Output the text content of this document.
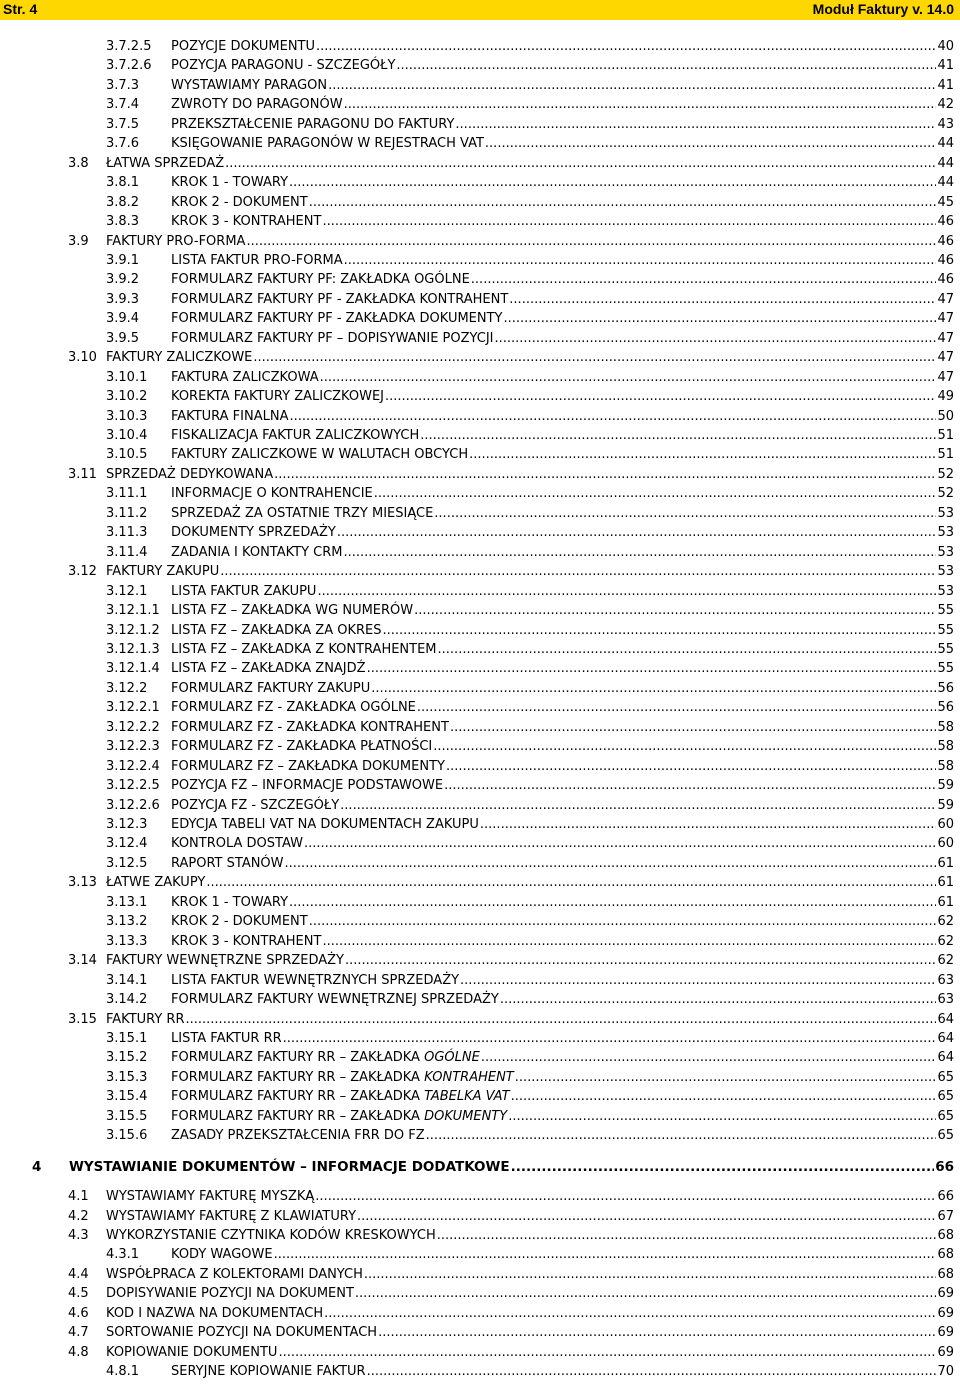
Str. 4	Moduł Faktury v. 14.0
3.7.2.5	POZYCJE DOKUMENTU .....	40
3.7.2.6	POZYCJA PARAGONU - SZCZEGÓŁY .....	41
3.7.3	WYSTAWIAMY PARAGON .....	41
3.7.4	ZWROTY DO PARAGONÓW .....	42
3.7.5	PRZEKSZTAŁCENIE PARAGONU DO FAKTURY .....	43
3.7.6	KSIĘGOWANIE PARAGONÓW W REJESTRACH VAT .....	44
3.8	ŁATWA SPRZEDAŻ .....	44
3.8.1	KROK 1 - TOWARY .....	44
3.8.2	KROK 2 - DOKUMENT .....	45
3.8.3	KROK 3 - KONTRAHENT .....	46
3.9	FAKTURY PRO-FORMA .....	46
3.9.1	LISTA FAKTUR PRO-FORMA .....	46
3.9.2	FORMULARZ FAKTURY PF: ZAKŁADKA OGÓLNE .....	46
3.9.3	FORMULARZ FAKTURY PF - ZAKŁADKA KONTRAHENT .....	47
3.9.4	FORMULARZ FAKTURY PF - ZAKŁADKA DOKUMENTY .....	47
3.9.5	FORMULARZ FAKTURY PF – DOPISYWANIE POZYCJI .....	47
3.10 FAKTURY ZALICZKOWE .....	47
3.10.1	FAKTURA ZALICZKOWA .....	47
3.10.2	KOREKTA FAKTURY ZALICZKOWEJ .....	49
3.10.3	FAKTURA FINALNA .....	50
3.10.4	FISKALIZACJA FAKTUR ZALICZKOWYCH .....	51
3.10.5	FAKTURY ZALICZKOWE W WALUTACH OBCYCH .....	51
3.11 SPRZEDAŻ DEDYKOWANA .....	52
3.11.1	INFORMACJE O KONTRAHENCIE .....	52
3.11.2	SPRZEDAŻ ZA OSTATNIE TRZY MIESIĄCE .....	53
3.11.3	DOKUMENTY SPRZEDAŻY .....	53
3.11.4	ZADANIA I KONTAKTY CRM .....	53
3.12 FAKTURY ZAKUPU .....	53
3.12.1	LISTA FAKTUR ZAKUPU .....	53
3.12.1.1 LISTA FZ – ZAKŁADKA WG NUMERÓW .....	55
3.12.1.2 LISTA FZ – ZAKŁADKA ZA OKRES .....	55
3.12.1.3 LISTA FZ – ZAKŁADKA Z KONTRAHENTEM .....	55
3.12.1.4 LISTA FZ – ZAKŁADKA ZNAJDŹ .....	55
3.12.2	FORMULARZ FAKTURY ZAKUPU .....	56
3.12.2.1 FORMULARZ FZ - ZAKŁADKA OGÓLNE .....	56
3.12.2.2 FORMULARZ FZ - ZAKŁADKA KONTRAHENT .....	58
3.12.2.3 FORMULARZ FZ - ZAKŁADKA PŁATNOŚCI .....	58
3.12.2.4 FORMULARZ FZ – ZAKŁADKA DOKUMENTY .....	58
3.12.2.5 POZYCJA FZ – INFORMACJE PODSTAWOWE .....	59
3.12.2.6 POZYCJA FZ - SZCZEGÓŁY .....	59
3.12.3	EDYCJA TABELI VAT NA DOKUMENTACH ZAKUPU .....	60
3.12.4	KONTROLA DOSTAW .....	60
3.12.5	RAPORT STANÓW .....	61
3.13 ŁATWE ZAKUPY .....	61
3.13.1	KROK 1 - TOWARY .....	61
3.13.2	KROK 2 - DOKUMENT .....	62
3.13.3	KROK 3 - KONTRAHENT .....	62
3.14 FAKTURY WEWNĘTRZNE SPRZEDAŻY .....	62
3.14.1	LISTA FAKTUR WEWNĘTRZNYCH SPRZEDAŻY .....	63
3.14.2	FORMULARZ FAKTURY WEWNĘTRZNEJ SPRZEDAŻY .....	63
3.15 FAKTURY RR .....	64
3.15.1	LISTA FAKTUR RR .....	64
3.15.2	FORMULARZ FAKTURY RR – ZAKŁADKA OGÓLNE .....	64
3.15.3	FORMULARZ FAKTURY RR – ZAKŁADKA KONTRAHENT .....	65
3.15.4	FORMULARZ FAKTURY RR – ZAKŁADKA TABELKA VAT .....	65
3.15.5	FORMULARZ FAKTURY RR – ZAKŁADKA DOKUMENTY .....	65
3.15.6	ZASADY PRZEKSZTAŁCENIA FRR DO FZ .....	65
4	WYSTAWIANIE DOKUMENTÓW – INFORMACJE DODATKOWE .....	66
4.1	WYSTAWIAMY FAKTURĘ MYSZKĄ .....	66
4.2	WYSTAWIAMY FAKTURĘ Z KLAWIATURY .....	67
4.3	WYKORZYSTANIE CZYTNIKA KODÓW KRESKOWYCH .....	68
4.3.1	KODY WAGOWE .....	68
4.4	WSPÓŁPRACA Z KOLEKTORAMI DANYCH .....	68
4.5	DOPISYWANIE POZYCJI NA DOKUMENT .....	69
4.6	KOD I NAZWA NA DOKUMENTACH .....	69
4.7	SORTOWANIE POZYCJI NA DOKUMENTACH .....	69
4.8	KOPIOWANIE DOKUMENTU .....	69
4.8.1	SERYJNE KOPIOWANIE FAKTUR .....	70
